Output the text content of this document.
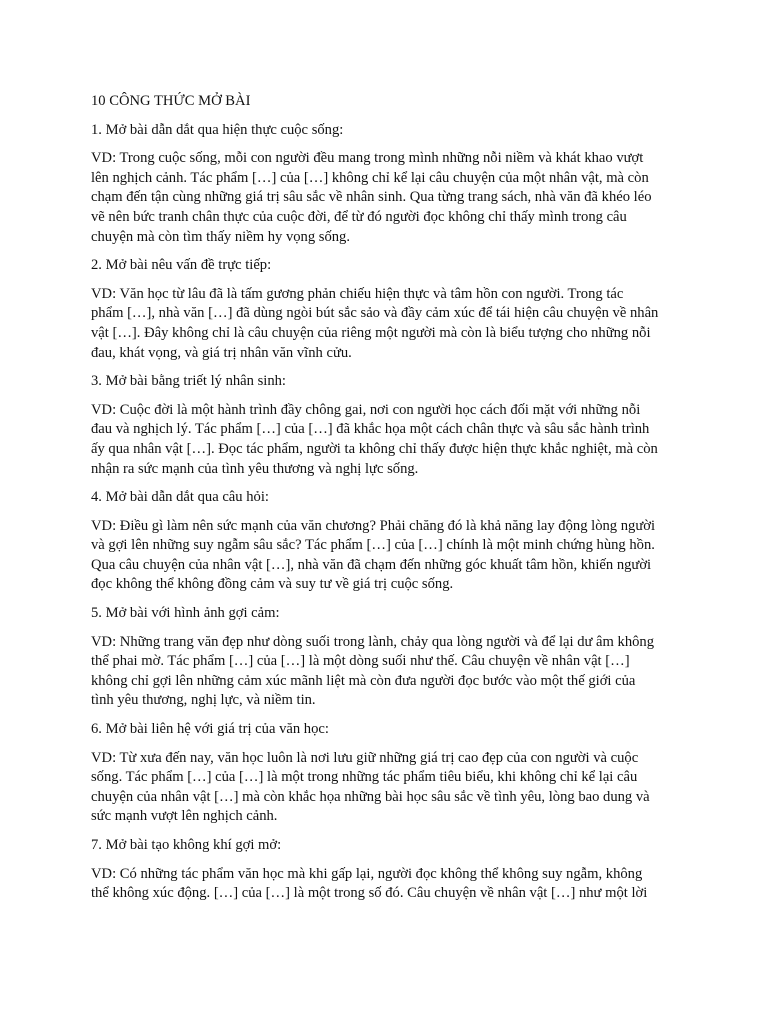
10 CÔNG THỨC MỞ BÀI
1. Mở bài dẫn dắt qua hiện thực cuộc sống:
VD: Trong cuộc sống, mỗi con người đều mang trong mình những nỗi niềm và khát khao vượt
lên nghịch cảnh. Tác phẩm […] của […] không chỉ kể lại câu chuyện của một nhân vật, mà còn
chạm đến tận cùng những giá trị sâu sắc về nhân sinh. Qua từng trang sách, nhà văn đã khéo léo
vẽ nên bức tranh chân thực của cuộc đời, để từ đó người đọc không chỉ thấy mình trong câu
chuyện mà còn tìm thấy niềm hy vọng sống.
2. Mở bài nêu vấn đề trực tiếp:
VD: Văn học từ lâu đã là tấm gương phản chiếu hiện thực và tâm hồn con người. Trong tác
phẩm […], nhà văn […] đã dùng ngòi bút sắc sảo và đầy cảm xúc để tái hiện câu chuyện về nhân
vật […]. Đây không chỉ là câu chuyện của riêng một người mà còn là biểu tượng cho những nỗi
đau, khát vọng, và giá trị nhân văn vĩnh cửu.
3. Mở bài bằng triết lý nhân sinh:
VD: Cuộc đời là một hành trình đầy chông gai, nơi con người học cách đối mặt với những nỗi
đau và nghịch lý. Tác phẩm […] của […] đã khắc họa một cách chân thực và sâu sắc hành trình
ấy qua nhân vật […]. Đọc tác phẩm, người ta không chỉ thấy được hiện thực khắc nghiệt, mà còn
nhận ra sức mạnh của tình yêu thương và nghị lực sống.
4. Mở bài dẫn dắt qua câu hỏi:
VD: Điều gì làm nên sức mạnh của văn chương? Phải chăng đó là khả năng lay động lòng người
và gợi lên những suy ngẫm sâu sắc? Tác phẩm […] của […] chính là một minh chứng hùng hồn.
Qua câu chuyện của nhân vật […], nhà văn đã chạm đến những góc khuất tâm hồn, khiến người
đọc không thể không đồng cảm và suy tư về giá trị cuộc sống.
5. Mở bài với hình ảnh gợi cảm:
VD: Những trang văn đẹp như dòng suối trong lành, chảy qua lòng người và để lại dư âm không
thể phai mờ. Tác phẩm […] của […] là một dòng suối như thế. Câu chuyện về nhân vật […]
không chỉ gợi lên những cảm xúc mãnh liệt mà còn đưa người đọc bước vào một thế giới của
tình yêu thương, nghị lực, và niềm tin.
6. Mở bài liên hệ với giá trị của văn học:
VD: Từ xưa đến nay, văn học luôn là nơi lưu giữ những giá trị cao đẹp của con người và cuộc
sống. Tác phẩm […] của […] là một trong những tác phẩm tiêu biểu, khi không chỉ kể lại câu
chuyện của nhân vật […] mà còn khắc họa những bài học sâu sắc về tình yêu, lòng bao dung và
sức mạnh vượt lên nghịch cảnh.
7. Mở bài tạo không khí gợi mở:
VD: Có những tác phẩm văn học mà khi gấp lại, người đọc không thể không suy ngẫm, không
thể không xúc động. […] của […] là một trong số đó. Câu chuyện về nhân vật […] như một lời
